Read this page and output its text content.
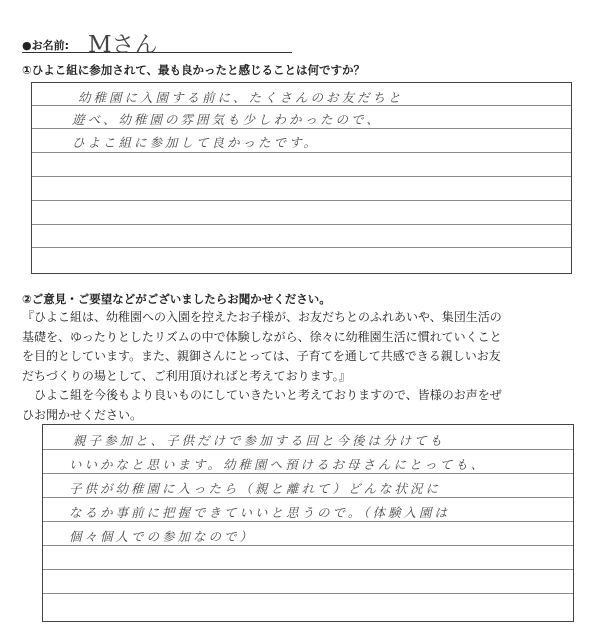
●お名前: Mさん
①ひよこ組に参加されて、最も良かったと感じることは何ですか？
幼稚園に入園する前に、たくさんのお友だちと
遊べ、幼稚園の雰囲気も少しわかったので、
ひよこ組に参加して良かったです。
②ご意見・ご要望などがございましたらお聞かせください。

『ひよこ組は、幼稚園への入園を控えたお子様が、お友だちとのふれあいや、集団生活の

基礎を、ゆったりとしたリズムの中で体験しながら、徐々に幼稚園生活に慣れていくこと

を目的としています。また、親御さんにとっては、子育てを通して共感できる親しいお友

だちづくりの場として、ご利用頂ければと考えております。』

　ひよこ組を今後もより良いものにしていきたいと考えておりますので、皆様のお声をぜ

ひお聞かせください。

親子参加と、子供だけで参加する回と今後は分けても
いいかなと思います。幼稚園へ預けるお母さんにとっても、
子供が幼稚園に入ったら（親と離れて）どんな状況に
なるか事前に把握できていいと思うので。（体験入園は
個々個人での参加なので）
